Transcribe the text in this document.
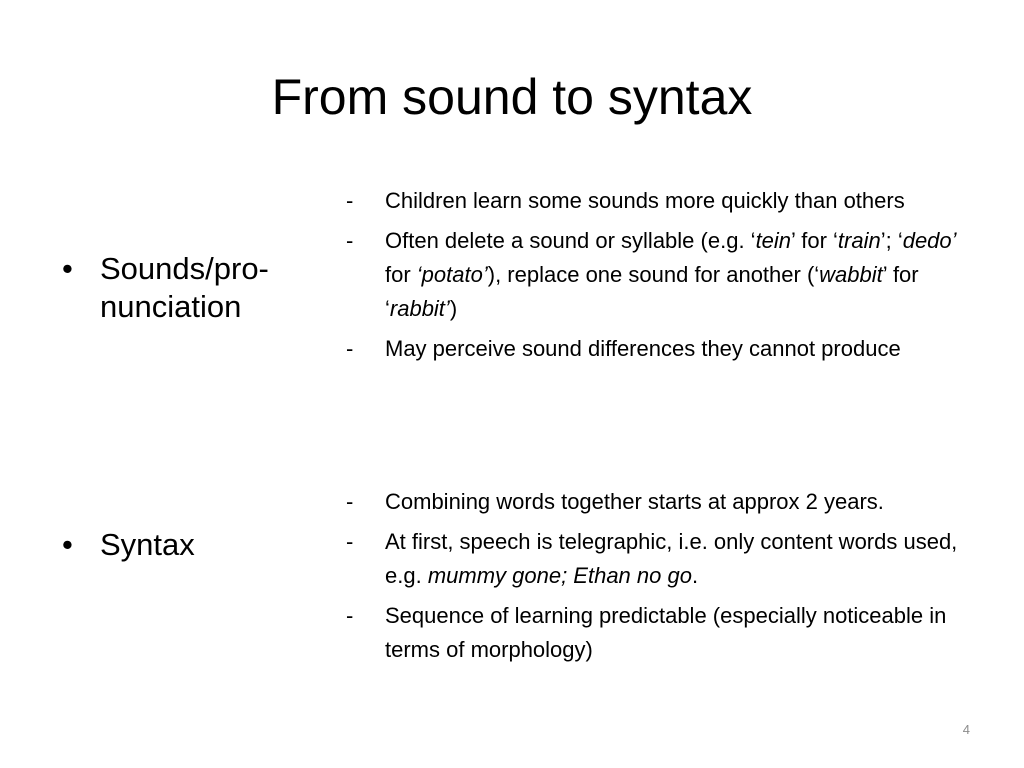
From sound to syntax
• Sounds/pro-nunciation
• Syntax
- Children learn some sounds more quickly than others
- Often delete a sound or syllable (e.g. ‘tein’ for ‘train’; ‘dedo’ for ‘potato’), replace one sound for another (‘wabbit’ for ‘rabbit’)
- May perceive sound differences they cannot produce
- Combining words together starts at approx 2 years.
- At first, speech is telegraphic, i.e. only content words used, e.g. mummy gone; Ethan no go.
- Sequence of learning predictable (especially noticeable in terms of morphology)
4
